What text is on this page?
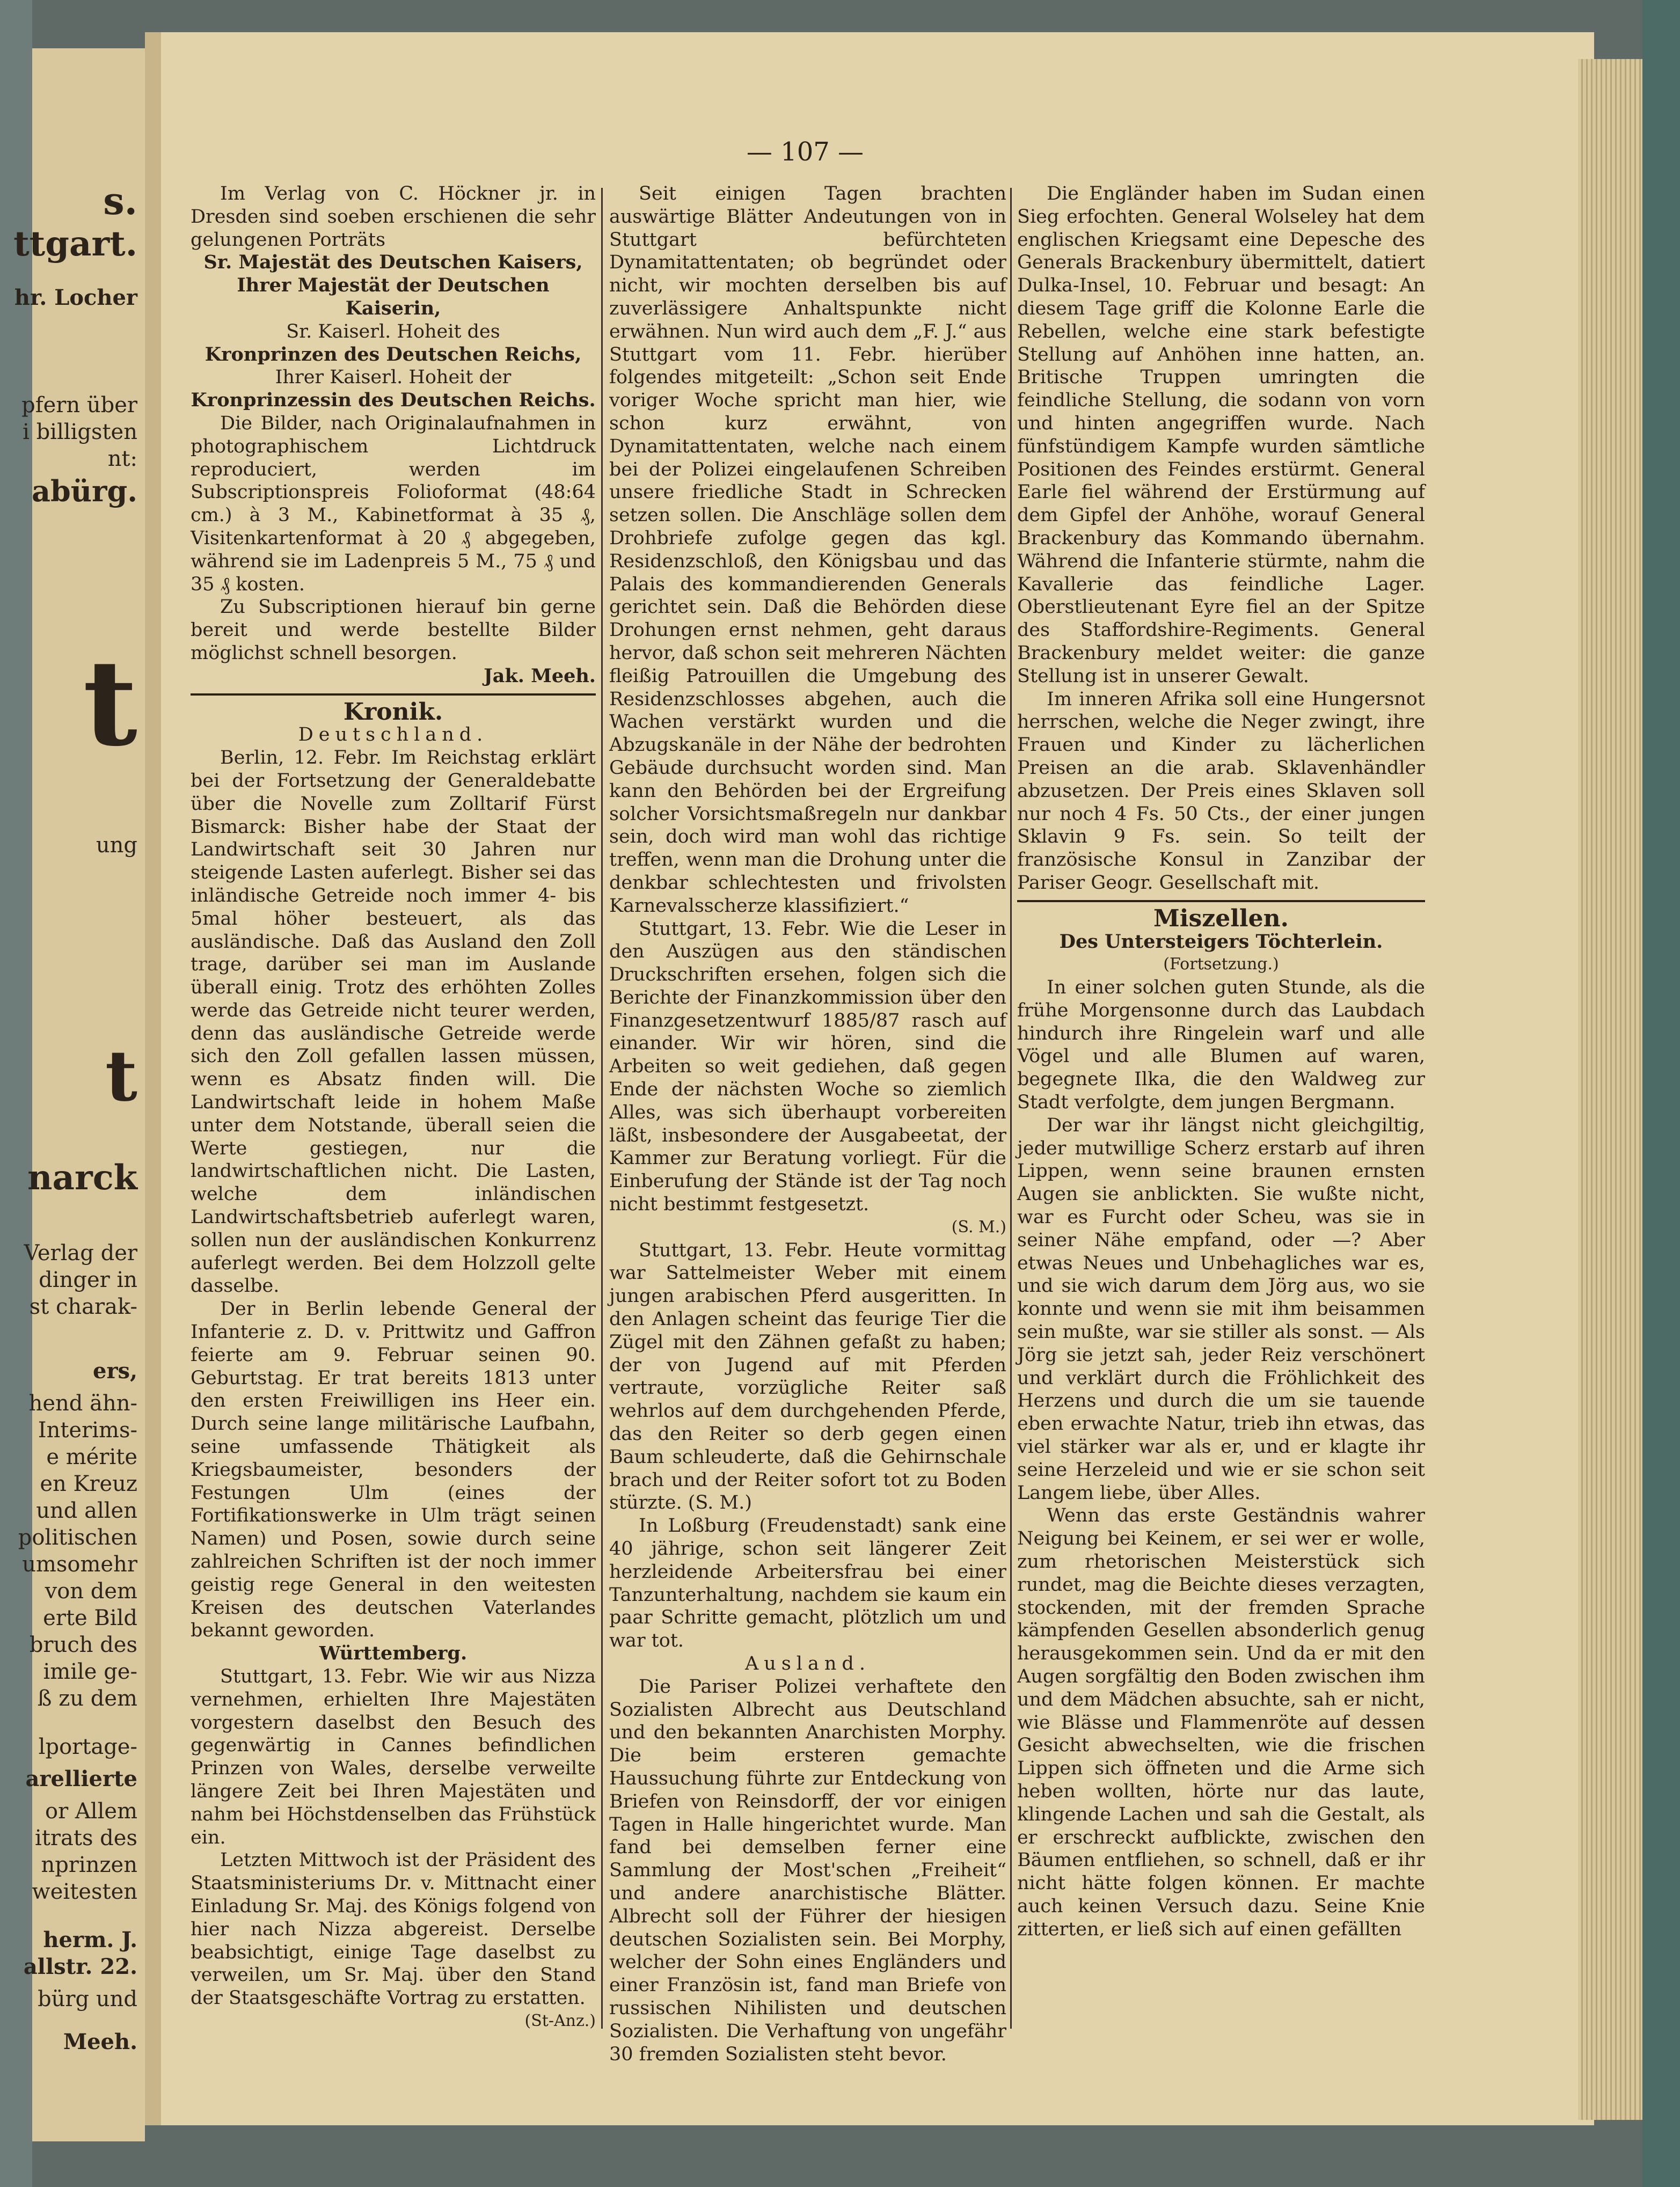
s.
ttgart.
hr. Locher
pfern über
i billigsten
nt:
abürg.
t
ung
t
narck
Verlag der
dinger in
st charak-
ers,
hend ähn-
Interims-
e mérite
en Kreuz
und allen
politischen
umsomehr
von dem
erte Bild
bruch des
imile ge-
ß zu dem
lportage-
arellierte
or Allem
itrats des
nprinzen
weitesten
herm. J.
allstr. 22.
bürg und
Meeh.
— 107 —

Im Verlag von C. Höckner jr. in Dresden sind soeben erschienen die sehr gelungenen Porträts

Sr. Majestät des Deutschen Kaisers,

Ihrer Majestät der Deutschen Kaiserin,

Sr. Kaiserl. Hoheit des

Kronprinzen des Deutschen Reichs,

Ihrer Kaiserl. Hoheit der

Kronprinzessin des Deutschen Reichs.

Die Bilder, nach Originalaufnahmen in photographischem Lichtdruck reproduciert, werden im Subscriptionspreis Folioformat (48:64 cm.) à 3 M., Kabinetformat à 35 ₰, Visitenkartenformat à 20 ₰ abgegeben, während sie im Ladenpreis 5 M., 75 ₰ und 35 ₰ kosten.

Zu Subscriptionen hierauf bin gerne bereit und werde bestellte Bilder möglichst schnell besorgen.

Jak. Meeh.

Kronik.

Deutschland.

Berlin, 12. Febr. Im Reichstag erklärt bei der Fortsetzung der Generaldebatte über die Novelle zum Zolltarif Fürst Bismarck: Bisher habe der Staat der Landwirtschaft seit 30 Jahren nur steigende Lasten auferlegt. Bisher sei das inländische Getreide noch immer 4- bis 5mal höher besteuert, als das ausländische. Daß das Ausland den Zoll trage, darüber sei man im Auslande überall einig. Trotz des erhöhten Zolles werde das Getreide nicht teurer werden, denn das ausländische Getreide werde sich den Zoll gefallen lassen müssen, wenn es Absatz finden will. Die Landwirtschaft leide in hohem Maße unter dem Notstande, überall seien die Werte gestiegen, nur die landwirtschaftlichen nicht. Die Lasten, welche dem inländischen Landwirtschaftsbetrieb auferlegt waren, sollen nun der ausländischen Konkurrenz auferlegt werden. Bei dem Holzzoll gelte dasselbe.

Der in Berlin lebende General der Infanterie z. D. v. Prittwitz und Gaffron feierte am 9. Februar seinen 90. Geburtstag. Er trat bereits 1813 unter den ersten Freiwilligen ins Heer ein. Durch seine lange militärische Laufbahn, seine umfassende Thätigkeit als Kriegsbaumeister, besonders der Festungen Ulm (eines der Fortifikationswerke in Ulm trägt seinen Namen) und Posen, sowie durch seine zahlreichen Schriften ist der noch immer geistig rege General in den weitesten Kreisen des deutschen Vaterlandes bekannt geworden.

Württemberg.

Stuttgart, 13. Febr. Wie wir aus Nizza vernehmen, erhielten Ihre Majestäten vorgestern daselbst den Besuch des gegenwärtig in Cannes befindlichen Prinzen von Wales, derselbe verweilte längere Zeit bei Ihren Majestäten und nahm bei Höchstdenselben das Frühstück ein.

Letzten Mittwoch ist der Präsident des Staatsministeriums Dr. v. Mittnacht einer Einladung Sr. Maj. des Königs folgend von hier nach Nizza abgereist. Derselbe beabsichtigt, einige Tage daselbst zu verweilen, um Sr. Maj. über den Stand der Staatsgeschäfte Vortrag zu erstatten.

(St-Anz.)

Seit einigen Tagen brachten auswärtige Blätter Andeutungen von in Stuttgart befürchteten Dynamitattentaten; ob begründet oder nicht, wir mochten derselben bis auf zuverlässigere Anhaltspunkte nicht erwähnen. Nun wird auch dem „F. J.“ aus Stuttgart vom 11. Febr. hierüber folgendes mitgeteilt: „Schon seit Ende voriger Woche spricht man hier, wie schon kurz erwähnt, von Dynamitattentaten, welche nach einem bei der Polizei eingelaufenen Schreiben unsere friedliche Stadt in Schrecken setzen sollen. Die Anschläge sollen dem Drohbriefe zufolge gegen das kgl. Residenzschloß, den Königsbau und das Palais des kommandierenden Generals gerichtet sein. Daß die Behörden diese Drohungen ernst nehmen, geht daraus hervor, daß schon seit mehreren Nächten fleißig Patrouillen die Umgebung des Residenzschlosses abgehen, auch die Wachen verstärkt wurden und die Abzugskanäle in der Nähe der bedrohten Gebäude durchsucht worden sind. Man kann den Behörden bei der Ergreifung solcher Vorsichtsmaßregeln nur dankbar sein, doch wird man wohl das richtige treffen, wenn man die Drohung unter die denkbar schlechtesten und frivolsten Karnevalsscherze klassifiziert.“

Stuttgart, 13. Febr. Wie die Leser in den Auszügen aus den ständischen Druckschriften ersehen, folgen sich die Berichte der Finanzkommission über den Finanzgesetzentwurf 1885/87 rasch auf einander. Wir wir hören, sind die Arbeiten so weit gediehen, daß gegen Ende der nächsten Woche so ziemlich Alles, was sich überhaupt vorbereiten läßt, insbesondere der Ausgabeetat, der Kammer zur Beratung vorliegt. Für die Einberufung der Stände ist der Tag noch nicht bestimmt festgesetzt.

(S. M.)

Stuttgart, 13. Febr. Heute vormittag war Sattelmeister Weber mit einem jungen arabischen Pferd ausgeritten. In den Anlagen scheint das feurige Tier die Zügel mit den Zähnen gefaßt zu haben; der von Jugend auf mit Pferden vertraute, vorzügliche Reiter saß wehrlos auf dem durchgehenden Pferde, das den Reiter so derb gegen einen Baum schleuderte, daß die Gehirnschale brach und der Reiter sofort tot zu Boden stürzte. (S. M.)

In Loßburg (Freudenstadt) sank eine 40 jährige, schon seit längerer Zeit herzleidende Arbeitersfrau bei einer Tanzunterhaltung, nachdem sie kaum ein paar Schritte gemacht, plötzlich um und war tot.

Ausland.

Die Pariser Polizei verhaftete den Sozialisten Albrecht aus Deutschland und den bekannten Anarchisten Morphy. Die beim ersteren gemachte Haussuchung führte zur Entdeckung von Briefen von Reinsdorff, der vor einigen Tagen in Halle hingerichtet wurde. Man fand bei demselben ferner eine Sammlung der Most'schen „Freiheit“ und andere anarchistische Blätter. Albrecht soll der Führer der hiesigen deutschen Sozialisten sein. Bei Morphy, welcher der Sohn eines Engländers und einer Französin ist, fand man Briefe von russischen Nihilisten und deutschen Sozialisten. Die Verhaftung von ungefähr 30 fremden Sozialisten steht bevor.

Die Engländer haben im Sudan einen Sieg erfochten. General Wolseley hat dem englischen Kriegsamt eine Depesche des Generals Brackenbury übermittelt, datiert Dulka-Insel, 10. Februar und besagt: An diesem Tage griff die Kolonne Earle die Rebellen, welche eine stark befestigte Stellung auf Anhöhen inne hatten, an. Britische Truppen umringten die feindliche Stellung, die sodann von vorn und hinten angegriffen wurde. Nach fünfstündigem Kampfe wurden sämtliche Positionen des Feindes erstürmt. General Earle fiel während der Erstürmung auf dem Gipfel der Anhöhe, worauf General Brackenbury das Kommando übernahm. Während die Infanterie stürmte, nahm die Kavallerie das feindliche Lager. Oberstlieutenant Eyre fiel an der Spitze des Staffordshire-Regiments. General Brackenbury meldet weiter: die ganze Stellung ist in unserer Gewalt.

Im inneren Afrika soll eine Hungersnot herrschen, welche die Neger zwingt, ihre Frauen und Kinder zu lächerlichen Preisen an die arab. Sklavenhändler abzusetzen. Der Preis eines Sklaven soll nur noch 4 Fs. 50 Cts., der einer jungen Sklavin 9 Fs. sein. So teilt der französische Konsul in Zanzibar der Pariser Geogr. Gesellschaft mit.

Miszellen.

Des Untersteigers Töchterlein.

(Fortsetzung.)

In einer solchen guten Stunde, als die frühe Morgensonne durch das Laubdach hindurch ihre Ringelein warf und alle Vögel und alle Blumen auf waren, begegnete Ilka, die den Waldweg zur Stadt verfolgte, dem jungen Bergmann.

Der war ihr längst nicht gleichgiltig, jeder mutwillige Scherz erstarb auf ihren Lippen, wenn seine braunen ernsten Augen sie anblickten. Sie wußte nicht, war es Furcht oder Scheu, was sie in seiner Nähe empfand, oder —? Aber etwas Neues und Unbehagliches war es, und sie wich darum dem Jörg aus, wo sie konnte und wenn sie mit ihm beisammen sein mußte, war sie stiller als sonst. — Als Jörg sie jetzt sah, jeder Reiz verschönert und verklärt durch die Fröhlichkeit des Herzens und durch die um sie tauende eben erwachte Natur, trieb ihn etwas, das viel stärker war als er, und er klagte ihr seine Herzeleid und wie er sie schon seit Langem liebe, über Alles.

Wenn das erste Geständnis wahrer Neigung bei Keinem, er sei wer er wolle, zum rhetorischen Meisterstück sich rundet, mag die Beichte dieses verzagten, stockenden, mit der fremden Sprache kämpfenden Gesellen absonderlich genug herausgekommen sein. Und da er mit den Augen sorgfältig den Boden zwischen ihm und dem Mädchen absuchte, sah er nicht, wie Blässe und Flammenröte auf dessen Gesicht abwechselten, wie die frischen Lippen sich öffneten und die Arme sich heben wollten, hörte nur das laute, klingende Lachen und sah die Gestalt, als er erschreckt aufblickte, zwischen den Bäumen entfliehen, so schnell, daß er ihr nicht hätte folgen können. Er machte auch keinen Versuch dazu. Seine Knie zitterten, er ließ sich auf einen gefällten
